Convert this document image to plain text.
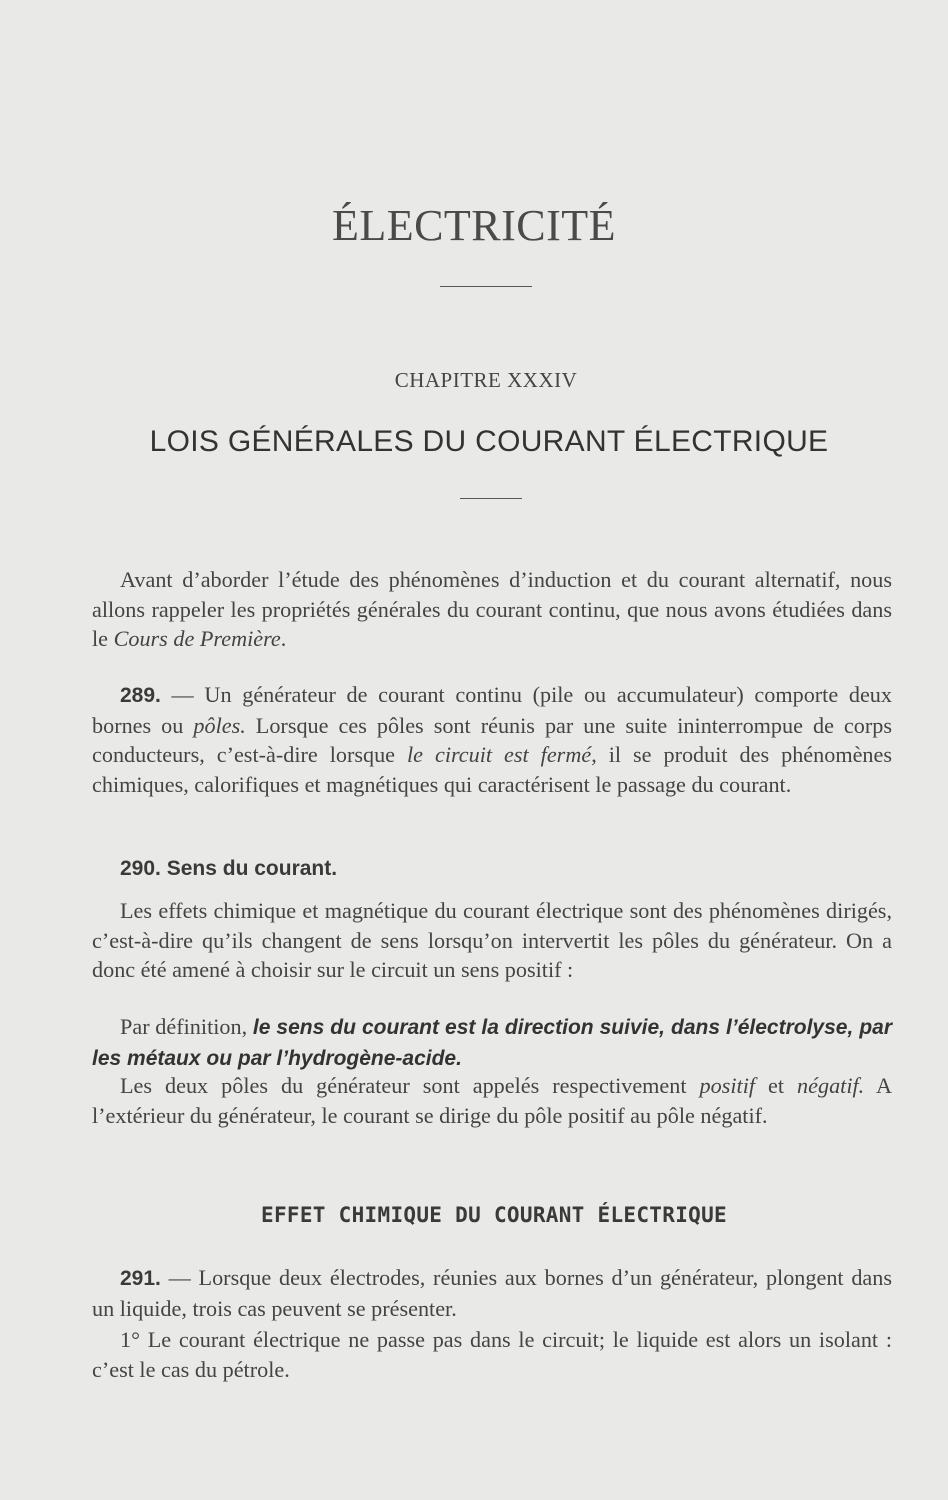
ÉLECTRICITÉ
CHAPITRE XXXIV
LOIS GÉNÉRALES DU COURANT ÉLECTRIQUE
Avant d’aborder l’étude des phénomènes d’induction et du courant alternatif, nous allons rappeler les propriétés générales du courant continu, que nous avons étudiées dans le Cours de Première.
289. — Un générateur de courant continu (pile ou accumulateur) comporte deux bornes ou pôles. Lorsque ces pôles sont réunis par une suite ininterrompue de corps conducteurs, c’est-à-dire lorsque le circuit est fermé, il se produit des phénomènes chimiques, calorifiques et magnétiques qui caractérisent le passage du courant.
290. Sens du courant.
Les effets chimique et magnétique du courant électrique sont des phénomènes dirigés, c’est-à-dire qu’ils changent de sens lorsqu’on intervertit les pôles du générateur. On a donc été amené à choisir sur le circuit un sens positif :
Par définition, le sens du courant est la direction suivie, dans l’électrolyse, par les métaux ou par l’hydrogène-acide.
Les deux pôles du générateur sont appelés respectivement positif et négatif. A l’extérieur du générateur, le courant se dirige du pôle positif au pôle négatif.
EFFET CHIMIQUE DU COURANT ÉLECTRIQUE
291. — Lorsque deux électrodes, réunies aux bornes d’un générateur, plongent dans un liquide, trois cas peuvent se présenter.
1° Le courant électrique ne passe pas dans le circuit; le liquide est alors un isolant : c’est le cas du pétrole.
